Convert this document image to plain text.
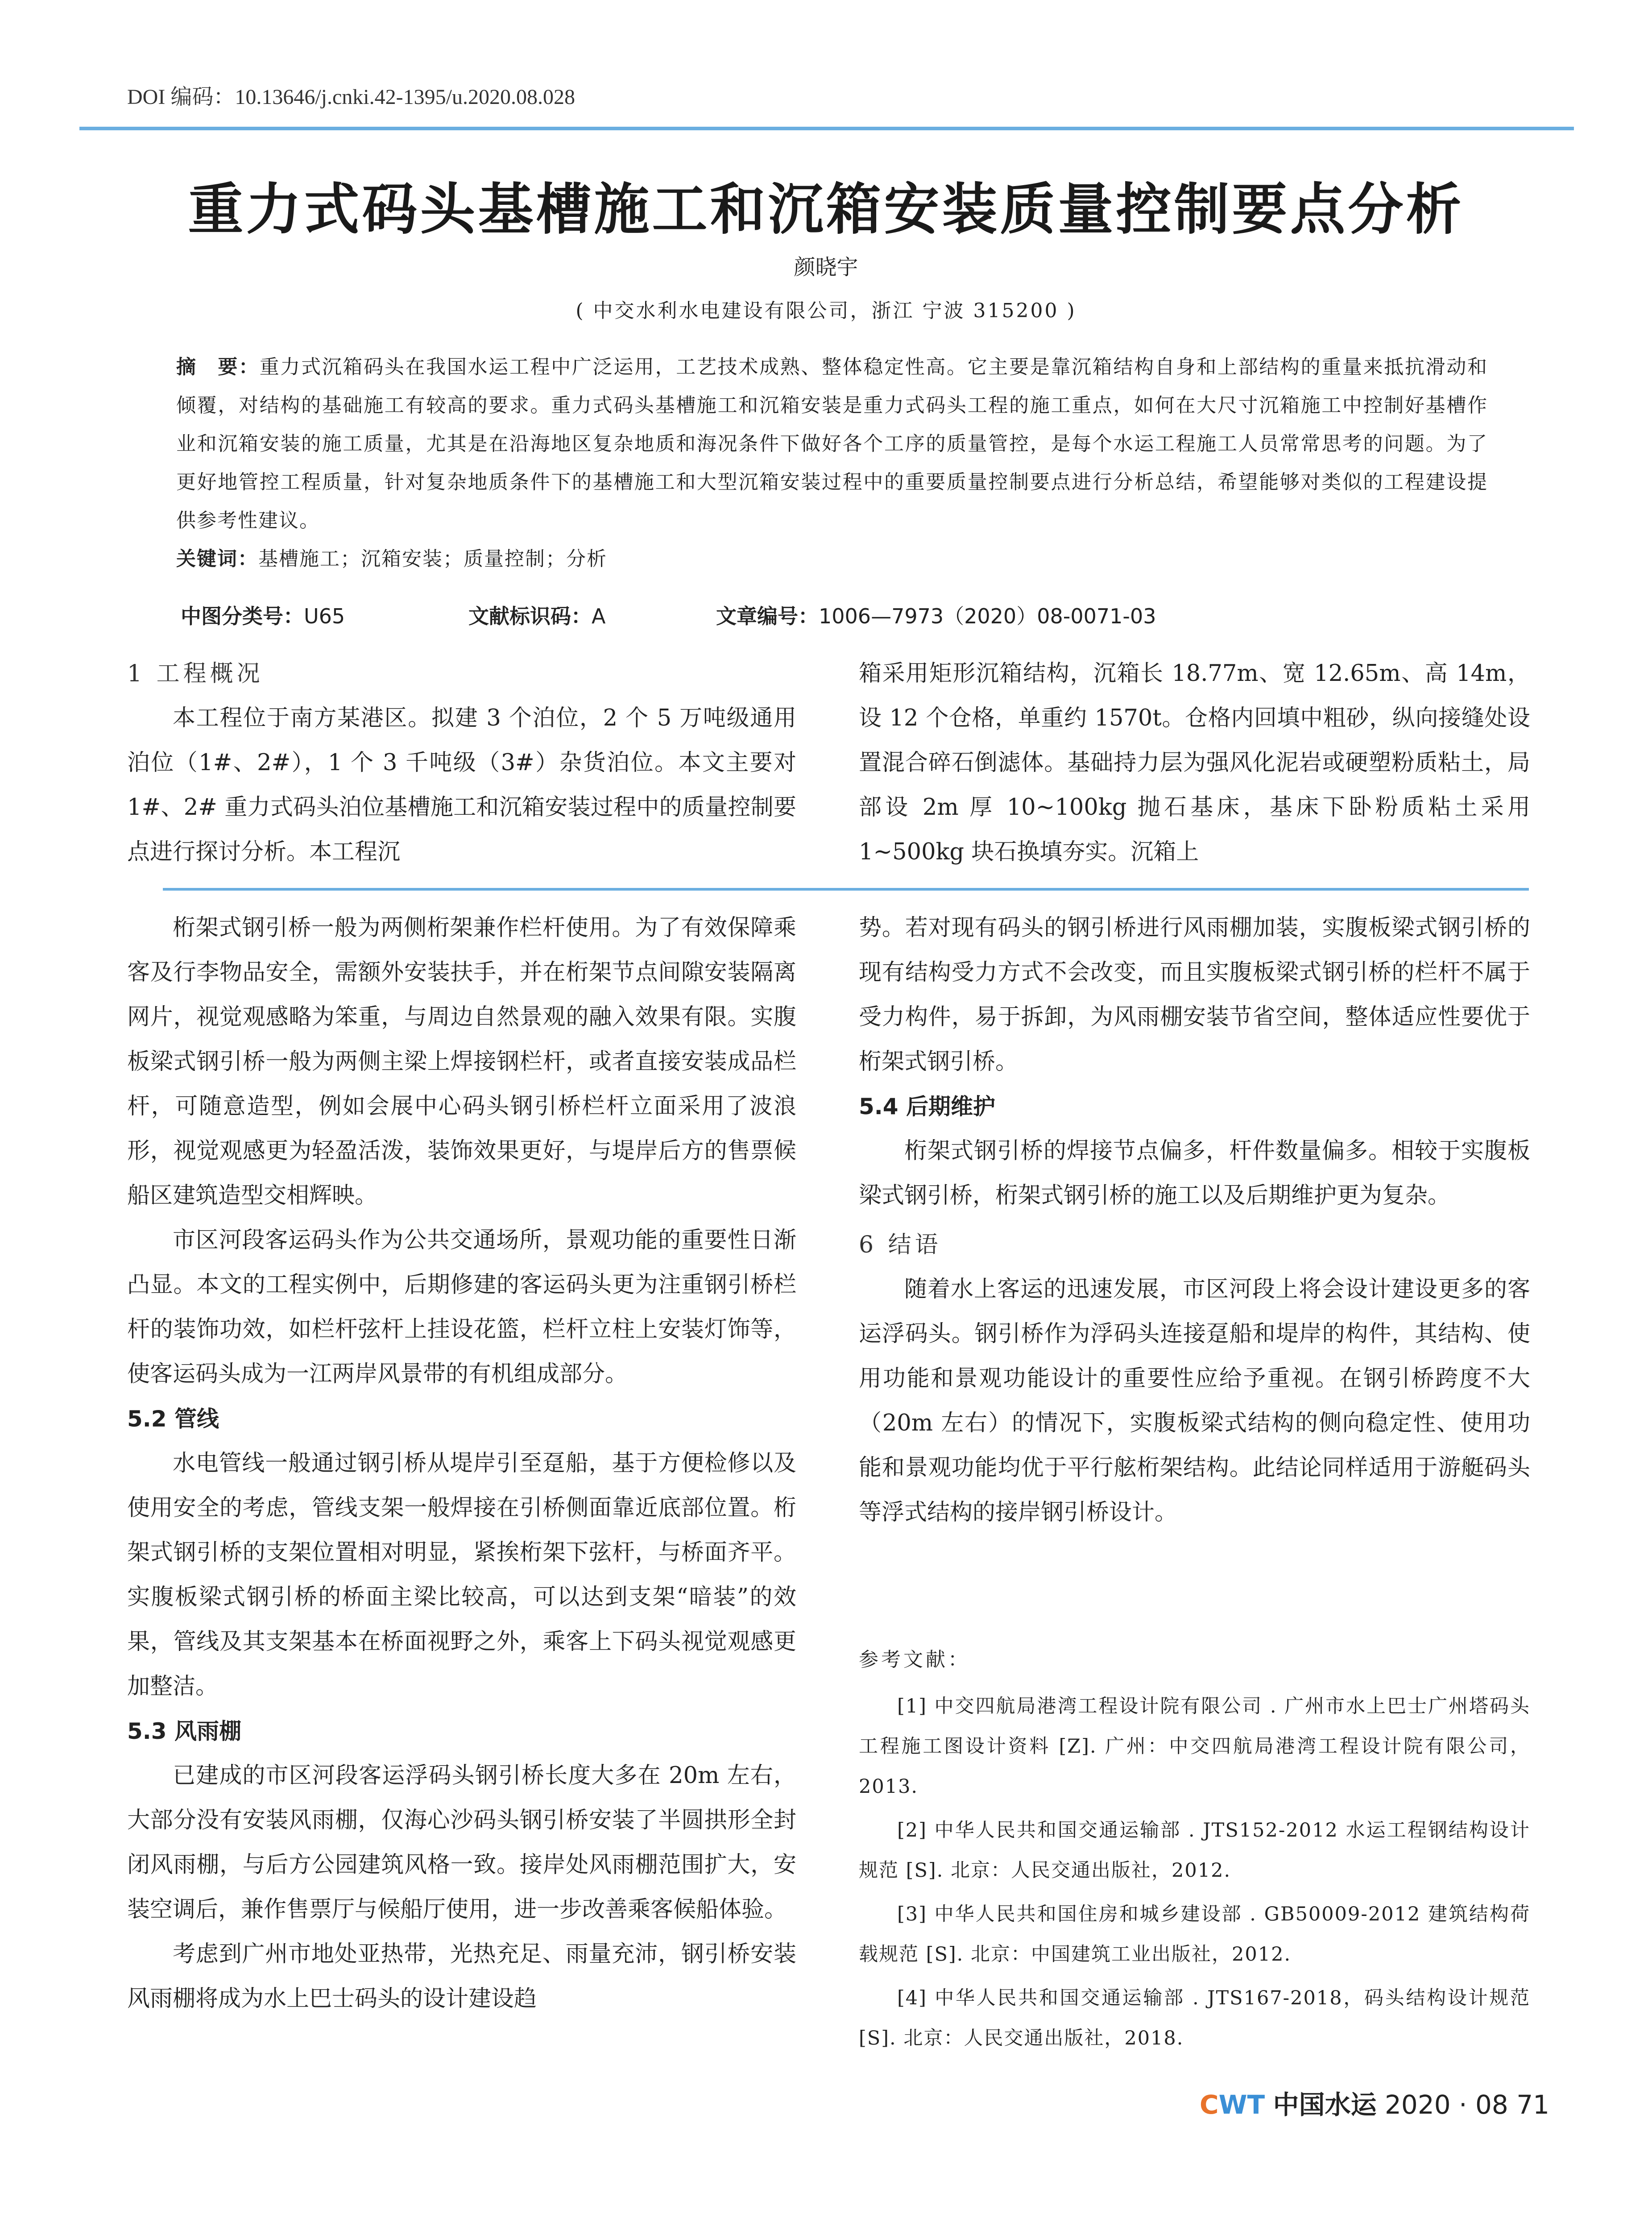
DOI 编码：10.13646/j.cnki.42-1395/u.2020.08.028
重力式码头基槽施工和沉箱安装质量控制要点分析
颜晓宇
( 中交水利水电建设有限公司，浙江 宁波 315200 )

摘　要：重力式沉箱码头在我国水运工程中广泛运用，工艺技术成熟、整体稳定性高。它主要是靠沉箱结构自身和上部结构的重量来抵抗滑动和倾覆，对结构的基础施工有较高的要求。重力式码头基槽施工和沉箱安装是重力式码头工程的施工重点，如何在大尺寸沉箱施工中控制好基槽作业和沉箱安装的施工质量，尤其是在沿海地区复杂地质和海况条件下做好各个工序的质量管控，是每个水运工程施工人员常常思考的问题。为了更好地管控工程质量，针对复杂地质条件下的基槽施工和大型沉箱安装过程中的重要质量控制要点进行分析总结，希望能够对类似的工程建设提供参考性建议。

关键词：基槽施工；沉箱安装；质量控制；分析

中图分类号：U65	文献标识码：A	文章编号：1006—7973（2020）08-0071-03
1 工程概况

本工程位于南方某港区。拟建 3 个泊位，2 个 5 万吨级通用泊位（1#、2#），1 个 3 千吨级（3#）杂货泊位。本文主要对 1#、2# 重力式码头泊位基槽施工和沉箱安装过程中的质量控制要点进行探讨分析。本工程沉

箱采用矩形沉箱结构，沉箱长 18.77m、宽 12.65m、高 14m，设 12 个仓格，单重约 1570t。仓格内回填中粗砂，纵向接缝处设置混合碎石倒滤体。基础持力层为强风化泥岩或硬塑粉质粘土，局部设 2m 厚 10~100kg 抛石基床，基床下卧粉质粘土采用 1~500kg 块石换填夯实。沉箱上

桁架式钢引桥一般为两侧桁架兼作栏杆使用。为了有效保障乘客及行李物品安全，需额外安装扶手，并在桁架节点间隙安装隔离网片，视觉观感略为笨重，与周边自然景观的融入效果有限。实腹板梁式钢引桥一般为两侧主梁上焊接钢栏杆，或者直接安装成品栏杆，可随意造型，例如会展中心码头钢引桥栏杆立面采用了波浪形，视觉观感更为轻盈活泼，装饰效果更好，与堤岸后方的售票候船区建筑造型交相辉映。

市区河段客运码头作为公共交通场所，景观功能的重要性日渐凸显。本文的工程实例中，后期修建的客运码头更为注重钢引桥栏杆的装饰功效，如栏杆弦杆上挂设花篮，栏杆立柱上安装灯饰等，使客运码头成为一江两岸风景带的有机组成部分。

5.2 管线

水电管线一般通过钢引桥从堤岸引至趸船，基于方便检修以及使用安全的考虑，管线支架一般焊接在引桥侧面靠近底部位置。桁架式钢引桥的支架位置相对明显，紧挨桁架下弦杆，与桥面齐平。实腹板梁式钢引桥的桥面主梁比较高，可以达到支架“暗装”的效果，管线及其支架基本在桥面视野之外，乘客上下码头视觉观感更加整洁。

5.3 风雨棚

已建成的市区河段客运浮码头钢引桥长度大多在 20m 左右，大部分没有安装风雨棚，仅海心沙码头钢引桥安装了半圆拱形全封闭风雨棚，与后方公园建筑风格一致。接岸处风雨棚范围扩大，安装空调后，兼作售票厅与候船厅使用，进一步改善乘客候船体验。

考虑到广州市地处亚热带，光热充足、雨量充沛，钢引桥安装风雨棚将成为水上巴士码头的设计建设趋

势。若对现有码头的钢引桥进行风雨棚加装，实腹板梁式钢引桥的现有结构受力方式不会改变，而且实腹板梁式钢引桥的栏杆不属于受力构件，易于拆卸，为风雨棚安装节省空间，整体适应性要优于桁架式钢引桥。

5.4 后期维护

桁架式钢引桥的焊接节点偏多，杆件数量偏多。相较于实腹板梁式钢引桥，桁架式钢引桥的施工以及后期维护更为复杂。

6 结语

随着水上客运的迅速发展，市区河段上将会设计建设更多的客运浮码头。钢引桥作为浮码头连接趸船和堤岸的构件，其结构、使用功能和景观功能设计的重要性应给予重视。在钢引桥跨度不大（20m 左右）的情况下，实腹板梁式结构的侧向稳定性、使用功能和景观功能均优于平行舷桁架结构。此结论同样适用于游艇码头等浮式结构的接岸钢引桥设计。

参考文献：

[1] 中交四航局港湾工程设计院有限公司 . 广州市水上巴士广州塔码头工程施工图设计资料 [Z]. 广州：中交四航局港湾工程设计院有限公司，2013.

[2] 中华人民共和国交通运输部 . JTS152-2012 水运工程钢结构设计规范 [S]. 北京：人民交通出版社，2012.

[3] 中华人民共和国住房和城乡建设部 . GB50009-2012 建筑结构荷载规范 [S]. 北京：中国建筑工业出版社，2012.

[4] 中华人民共和国交通运输部 . JTS167-2018，码头结构设计规范 [S]. 北京：人民交通出版社，2018.

CWT 中国水运 2020 · 08 71
